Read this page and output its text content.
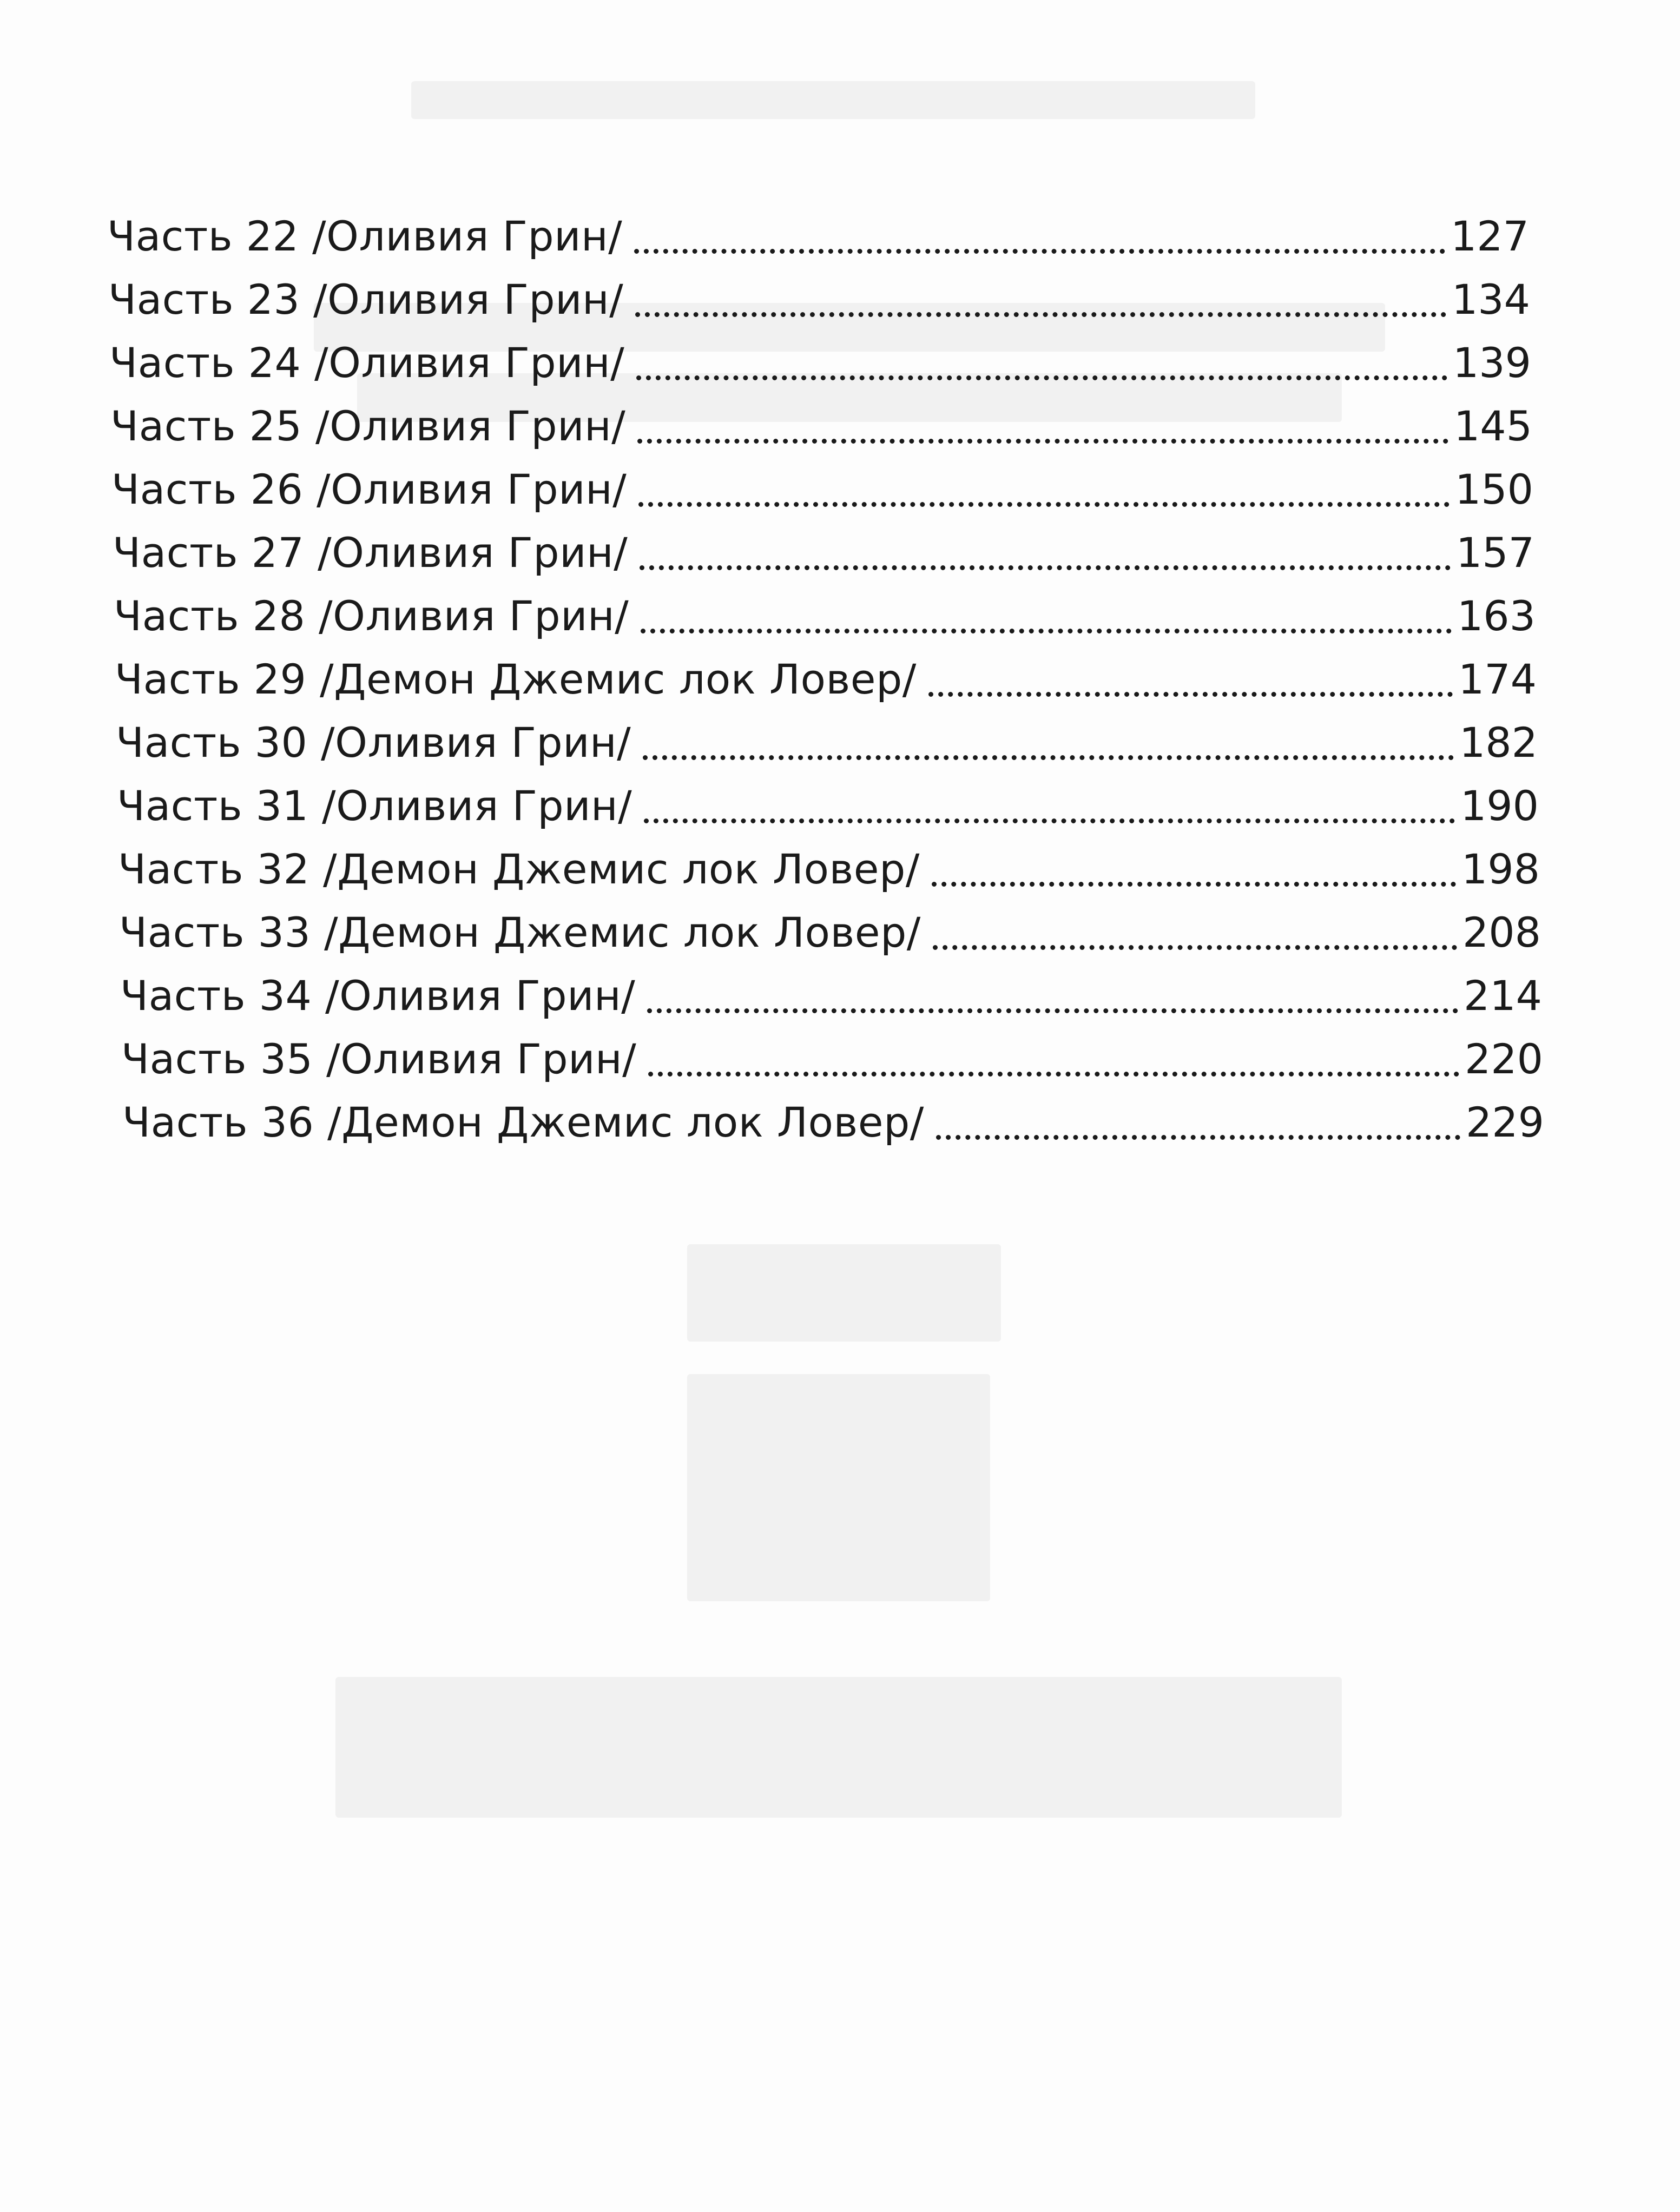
Часть 22 /Оливия Грин/	127
Часть 23 /Оливия Грин/	134
Часть 24 /Оливия Грин/	139
Часть 25 /Оливия Грин/	145
Часть 26 /Оливия Грин/	150
Часть 27 /Оливия Грин/	157
Часть 28 /Оливия Грин/	163
Часть 29 /Демон Джемис лок Ловер/	174
Часть 30 /Оливия Грин/	182
Часть 31 /Оливия Грин/	190
Часть 32 /Демон Джемис лок Ловер/	198
Часть 33 /Демон Джемис лок Ловер/	208
Часть 34 /Оливия Грин/	214
Часть 35 /Оливия Грин/	220
Часть 36 /Демон Джемис лок Ловер/	229
